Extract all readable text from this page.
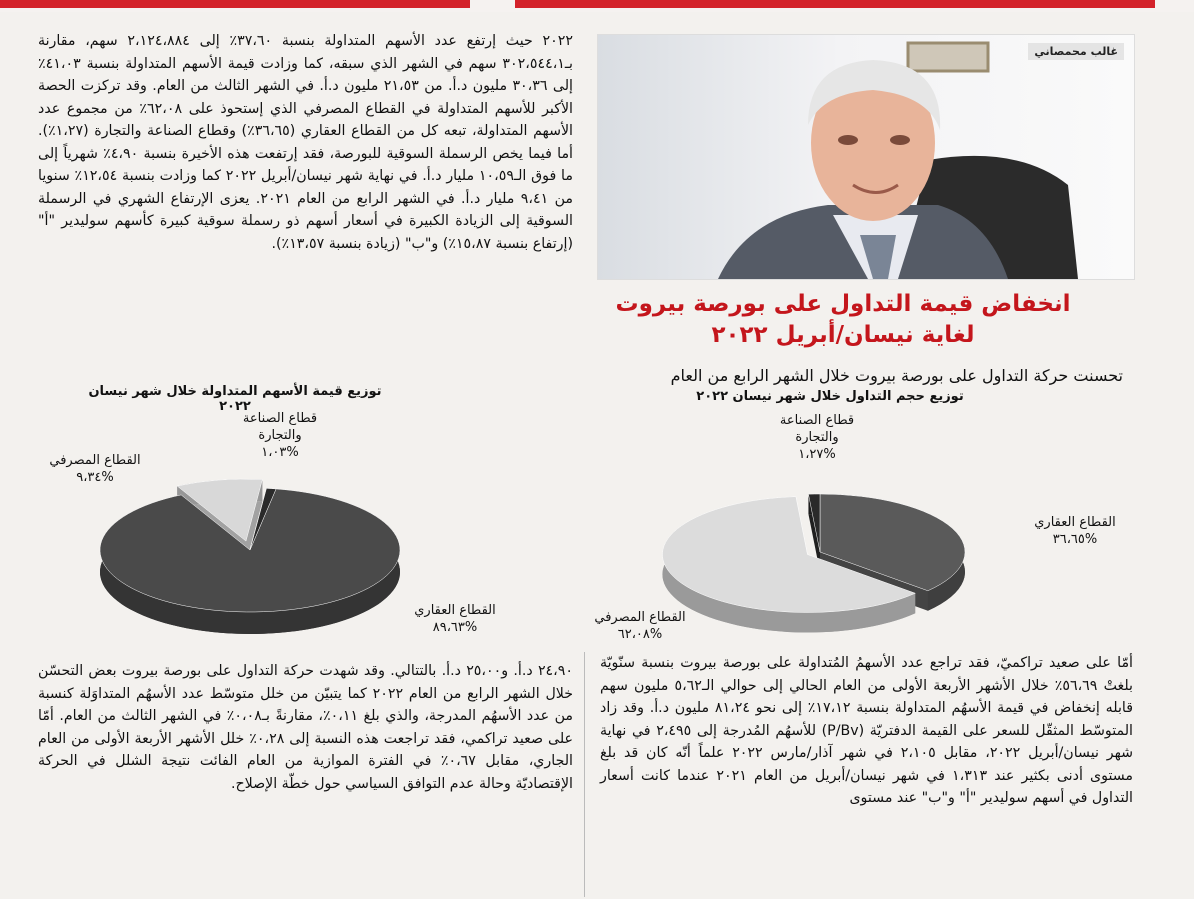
٢٠٢٢ حيث إرتفع عدد الأسهم المتداولة بنسبة ٣٧،٦٠٪ إلى ٢،١٢٤،٨٨٤ سهم، مقارنة بـ٣٠٢،٥٤٤،١ سهم في الشهر الذي سبقه، كما وزادت قيمة الأسهم المتداولة بنسبة ٤١،٠٣٪ إلى ٣٠،٣٦ مليون د.أ. من ٢١،٥٣ مليون د.أ. في الشهر الثالث من العام. وقد تركزت الحصة الأكبر للأسهم المتداولة في القطاع المصرفي الذي إستحوذ على ٦٢،٠٨٪ من مجموع عدد الأسهم المتداولة، تبعه كل من القطاع العقاري (٣٦،٦٥٪) وقطاع الصناعة والتجارة (١،٢٧٪). أما فيما يخص الرسملة السوقية للبورصة، فقد إرتفعت هذه الأخيرة بنسبة ٤،٩٠٪ شهرياً إلى ما فوق الـ١٠،٥٩ مليار د.أ. في نهاية شهر نيسان/أبريل ٢٠٢٢ كما وزادت بنسبة ١٢،٥٤٪ سنويا من ٩،٤١ مليار د.أ. في الشهر الرابع من العام ٢٠٢١. يعزى الإرتفاع الشهري في الرسملة السوقية إلى الزيادة الكبيرة في أسعار أسهم ذو رسملة سوقية كبيرة كأسهم سوليدير "أ" (إرتفاع بنسبة ١٥،٨٧٪) و"ب" (زيادة بنسبة ١٣،٥٧٪).
غالب محمصاني
انخفاض قيمة التداول على بورصة بيروت
لغاية نيسان/أبريل ٢٠٢٢
تحسنت حركة التداول على بورصة بيروت خلال الشهر الرابع من العام
توزيع قيمة الأسهم المتداولة خلال شهر نيسان ٢٠٢٢
قطاع الصناعة والتجارة
%١،٠٣
القطاع المصرفي
%٩،٣٤
القطاع العقاري
%٨٩،٦٣
توزيع حجم التداول خلال شهر نيسان ٢٠٢٢
قطاع الصناعة والتجارة
%١،٢٧
القطاع العقاري
%٣٦،٦٥
القطاع المصرفي
%٦٢،٠٨
أمّا على صعيد تراكميّ، فقد تراجع عدد الأسهمُ المُتداولة على بورصة بيروت بنسبة سنّويّة بلغتْ ٥٦،٦٩٪ خلال الأشهر الأربعة الأولى من العام الحالي إلى حوالي الـ٥،٦٢ مليون سهم قابله إنخفاض في قيمة الأسهُم المتداولة بنسبة ١٧،١٢٪ إلى نحو ٨١،٢٤ مليون د.أ. وقد زاد المتوسّط المثقّل للسعر على القيمة الدفتريّة (P/Bv) للأسهُم المُدرجة إلى ٢،٤٩٥ في نهاية شهر نيسان/أبريل ٢٠٢٢، مقابل ٢،١٠٥ في شهر آذار/مارس ٢٠٢٢ علماً أنّه كان قد بلغ مستوى أدنى بكثير عند ١،٣١٣ في شهر نيسان/أبريل من العام ٢٠٢١ عندما كانت أسعار التداول في أسهم سوليدير "أ" و"ب" عند مستوى
٢٤،٩٠ د.أ. و٢٥،٠٠ د.أ. بالتتالي. وقد شهدت حركة التداول على بورصة بيروت بعض التحسّن خلال الشهر الرابع من العام ٢٠٢٢ كما يتبيّن من خلل متوسّط عدد الأسهُم المتداوَلة كنسبة من عدد الأسهُم المدرجة، والذي بلغ ٠،١١٪، مقارنةً بـ٠،٠٨٪ في الشهر الثالث من العام. أمّا على صعيد تراكمي، فقد تراجعت هذه النسبة إلى ٠،٢٨٪ خلل الأشهر الأربعة الأولى من العام الجاري، مقابل ٠،٦٧٪ في الفترة الموازية من العام الفائت نتيجة الشلل في الحركة الإقتصاديّة وحالة عدم التوافق السياسي حول خطّة الإصلاح.
